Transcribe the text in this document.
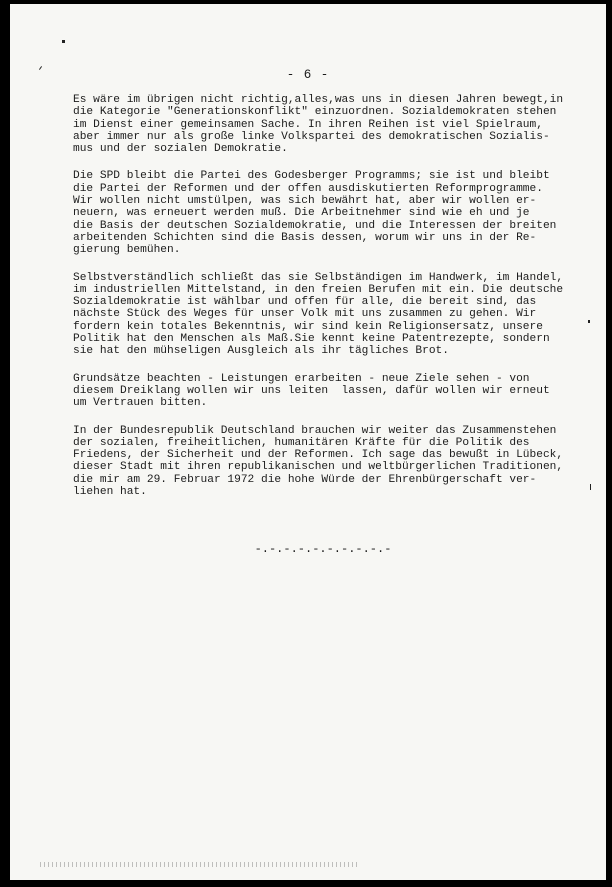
- 6 -

Es wäre im übrigen nicht richtig,alles,was uns in diesen Jahren bewegt,in
die Kategorie "Generationskonflikt" einzuordnen. Sozialdemokraten stehen
im Dienst einer gemeinsamen Sache. In ihren Reihen ist viel Spielraum,
aber immer nur als große linke Volkspartei des demokratischen Sozialis-
mus und der sozialen Demokratie.

Die SPD bleibt die Partei des Godesberger Programms; sie ist und bleibt
die Partei der Reformen und der offen ausdiskutierten Reformprogramme.
Wir wollen nicht umstülpen, was sich bewährt hat, aber wir wollen er-
neuern, was erneuert werden muß. Die Arbeitnehmer sind wie eh und je
die Basis der deutschen Sozialdemokratie, und die Interessen der breiten
arbeitenden Schichten sind die Basis dessen, worum wir uns in der Re-
gierung bemühen.

Selbstverständlich schließt das sie Selbständigen im Handwerk, im Handel,
im industriellen Mittelstand, in den freien Berufen mit ein. Die deutsche
Sozialdemokratie ist wählbar und offen für alle, die bereit sind, das
nächste Stück des Weges für unser Volk mit uns zusammen zu gehen. Wir
fordern kein totales Bekenntnis, wir sind kein Religionsersatz, unsere
Politik hat den Menschen als Maß.Sie kennt keine Patentrezepte, sondern
sie hat den mühseligen Ausgleich als ihr tägliches Brot.

Grundsätze beachten - Leistungen erarbeiten - neue Ziele sehen - von
diesem Dreiklang wollen wir uns leiten  lassen, dafür wollen wir erneut
um Vertrauen bitten.

In der Bundesrepublik Deutschland brauchen wir weiter das Zusammenstehen
der sozialen, freiheitlichen, humanitären Kräfte für die Politik des
Friedens, der Sicherheit und der Reformen. Ich sage das bewußt in Lübeck,
dieser Stadt mit ihren republikanischen und weltbürgerlichen Traditionen,
die mir am 29. Februar 1972 die hohe Würde der Ehrenbürgerschaft ver-
liehen hat.

-.-.-.-.-.-.-.-.-.-
